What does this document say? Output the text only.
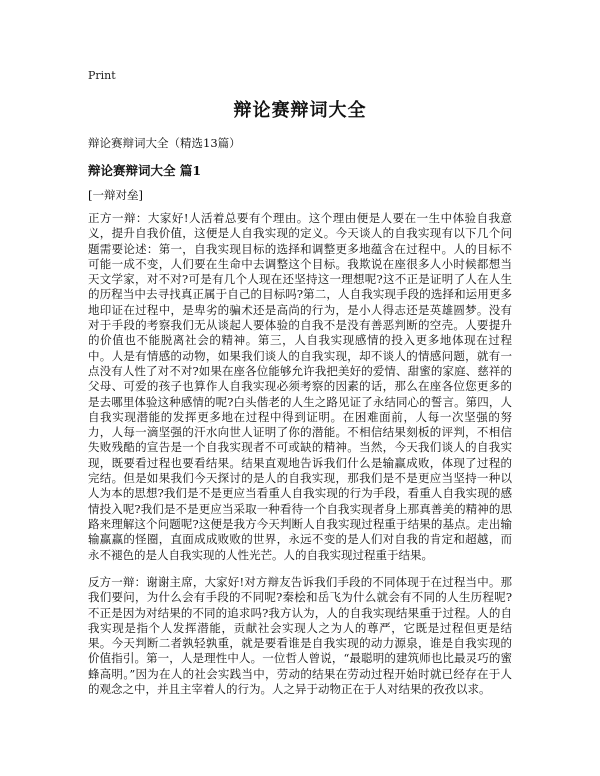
Print
辩论赛辩词大全
辩论赛辩词大全（精选13篇）
辩论赛辩词大全 篇1
[一辩对垒]

正方一辩：大家好!人活着总要有个理由。这个理由便是人要在一生中体验自我意义，提升自我价值，这便是人自我实现的定义。今天谈人的自我实现有以下几个问题需要论述：第一，自我实现目标的选择和调整更多地蕴含在过程中。人的目标不可能一成不变，人们要在生命中去调整这个目标。我欺说在座很多人小时候都想当天文学家，对不对?可是有几个人现在还坚持这一理想呢?这不正是证明了人在人生的历程当中去寻找真正属于自己的目标吗?第二，人自我实现手段的选择和运用更多地印证在过程中，是卑劣的骗术还是高尚的行为，是小人得志还是英雄圆梦。没有对于手段的考察我们无从谈起人要体验的自我不是没有善恶判断的空壳。人要提升的价值也不能脱离社会的精神。第三，人自我实现感情的投入更多地体现在过程中。人是有情感的动物，如果我们谈人的自我实现，却不谈人的情感问题，就有一点没有人性了对不对?如果在座各位能够允许我把美好的爱情、甜蜜的家庭、慈祥的父母、可爱的孩子也算作人自我实现必须考察的因素的话，那么在座各位您更多的是去哪里体验这种感情的呢?白头偕老的人生之路见证了永结同心的誓言。第四，人自我实现潜能的发挥更多地在过程中得到证明。在困难面前，人每一次坚强的努力，人每一滴坚强的汗水向世人证明了你的潜能。不相信结果刻板的评判，不相信失败残酷的宣告是一个自我实现者不可或缺的精神。当然，今天我们谈人的自我实现，既要看过程也要看结果。结果直观地告诉我们什么是输赢成败，体现了过程的完结。但是如果我们今天探讨的是人的自我实现，那我们是不是更应当坚持一种以人为本的思想?我们是不是更应当看重人自我实现的行为手段，看重人自我实现的感情投入呢?我们是不是更应当采取一种看待一个自我实现者身上那真善美的精神的思路来理解这个问题呢?这便是我方今天判断人自我实现过程重于结果的基点。走出输输赢赢的怪圈，直面成成败败的世界，永远不变的是人们对自我的肯定和超越，而永不褪色的是人自我实现的人性光芒。人的自我实现过程重于结果。

反方一辩：谢谢主席，大家好!对方辩友告诉我们手段的不同体现于在过程当中。那我们要问，为什么会有手段的不同呢?秦桧和岳飞为什么就会有不同的人生历程呢?不正是因为对结果的不同的追求吗?我方认为，人的自我实现结果重于过程。人的自我实现是指个人发挥潜能，贡献社会实现人之为人的尊严，它既是过程但更是结果。今天判断二者孰轻孰重，就是要看谁是自我实现的动力源泉，谁是自我实现的价值指引。第一，人是理性中人。一位哲人曾说，“最聪明的建筑师也比最灵巧的蜜蜂高明。”因为在人的社会实践当中，劳动的结果在劳动过程开始时就已经存在于人的观念之中，并且主宰着人的行为。人之异于动物正在于人对结果的孜孜以求。
